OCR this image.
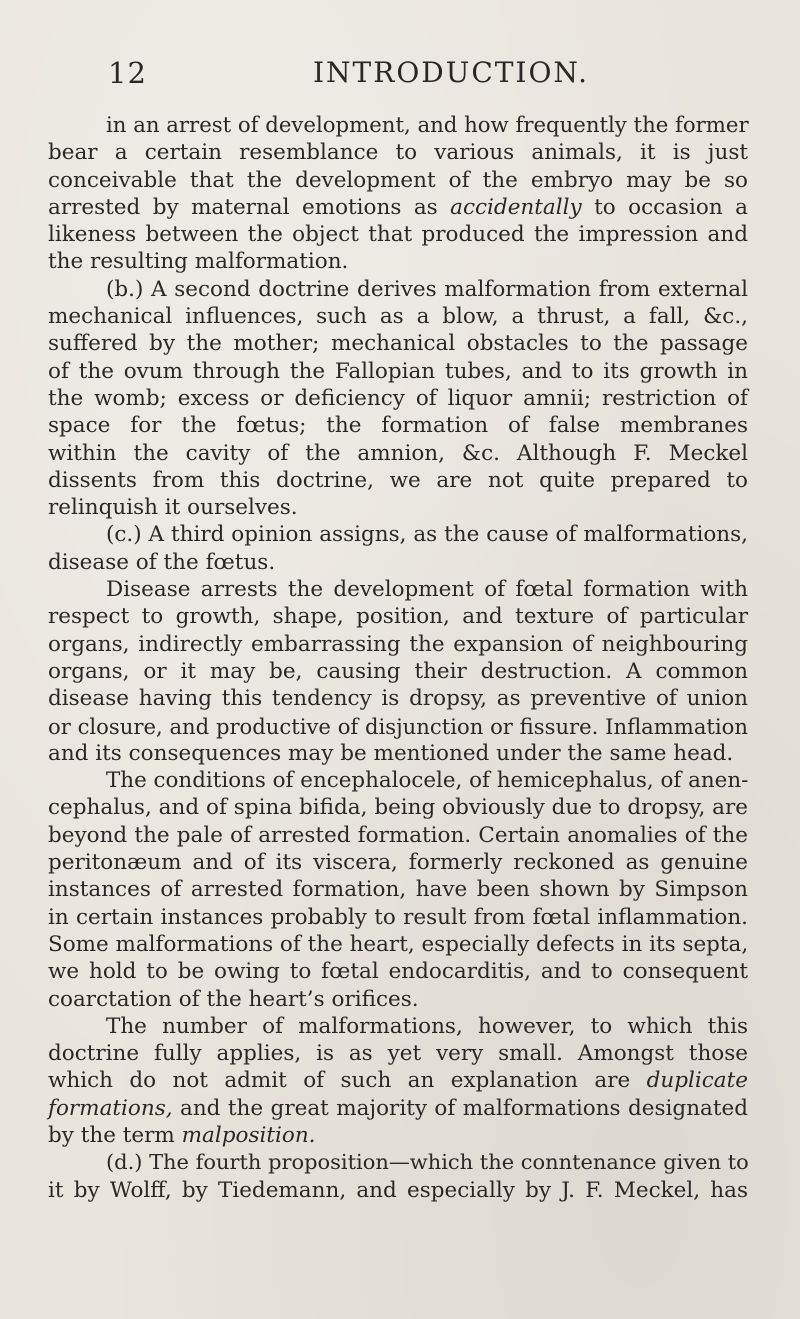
12	INTRODUCTION.
in an arrest of development, and how frequently the former
bear a certain resemblance to various animals, it is just
conceivable that the development of the embryo may be so
arrested by maternal emotions as accidentally to occasion a
likeness between the object that produced the impression and
the resulting malformation.
(b.) A second doctrine derives malformation from external
mechanical influences, such as a blow, a thrust, a fall, &c.,
suffered by the mother; mechanical obstacles to the passage
of the ovum through the Fallopian tubes, and to its growth in
the womb; excess or deficiency of liquor amnii; restriction of
space for the fœtus; the formation of false membranes
within the cavity of the amnion, &c. Although F. Meckel
dissents from this doctrine, we are not quite prepared to
relinquish it ourselves.
(c.) A third opinion assigns, as the cause of malformations,
disease of the fœtus.
Disease arrests the development of fœtal formation with
respect to growth, shape, position, and texture of particular
organs, indirectly embarrassing the expansion of neighbouring
organs, or it may be, causing their destruction. A common
disease having this tendency is dropsy, as preventive of union
or closure, and productive of disjunction or fissure. Inflammation
and its consequences may be mentioned under the same head.
The conditions of encephalocele, of hemicephalus, of anen-
cephalus, and of spina bifida, being obviously due to dropsy, are
beyond the pale of arrested formation. Certain anomalies of the
peritonæum and of its viscera, formerly reckoned as genuine
instances of arrested formation, have been shown by Simpson
in certain instances probably to result from fœtal inflammation.
Some malformations of the heart, especially defects in its septa,
we hold to be owing to fœtal endocarditis, and to consequent
coarctation of the heart’s orifices.
The number of malformations, however, to which this
doctrine fully applies, is as yet very small. Amongst those
which do not admit of such an explanation are duplicate
formations, and the great majority of malformations designated
by the term malposition.
(d.) The fourth proposition—which the conntenance given to
it by Wolff, by Tiedemann, and especially by J. F. Meckel, has
